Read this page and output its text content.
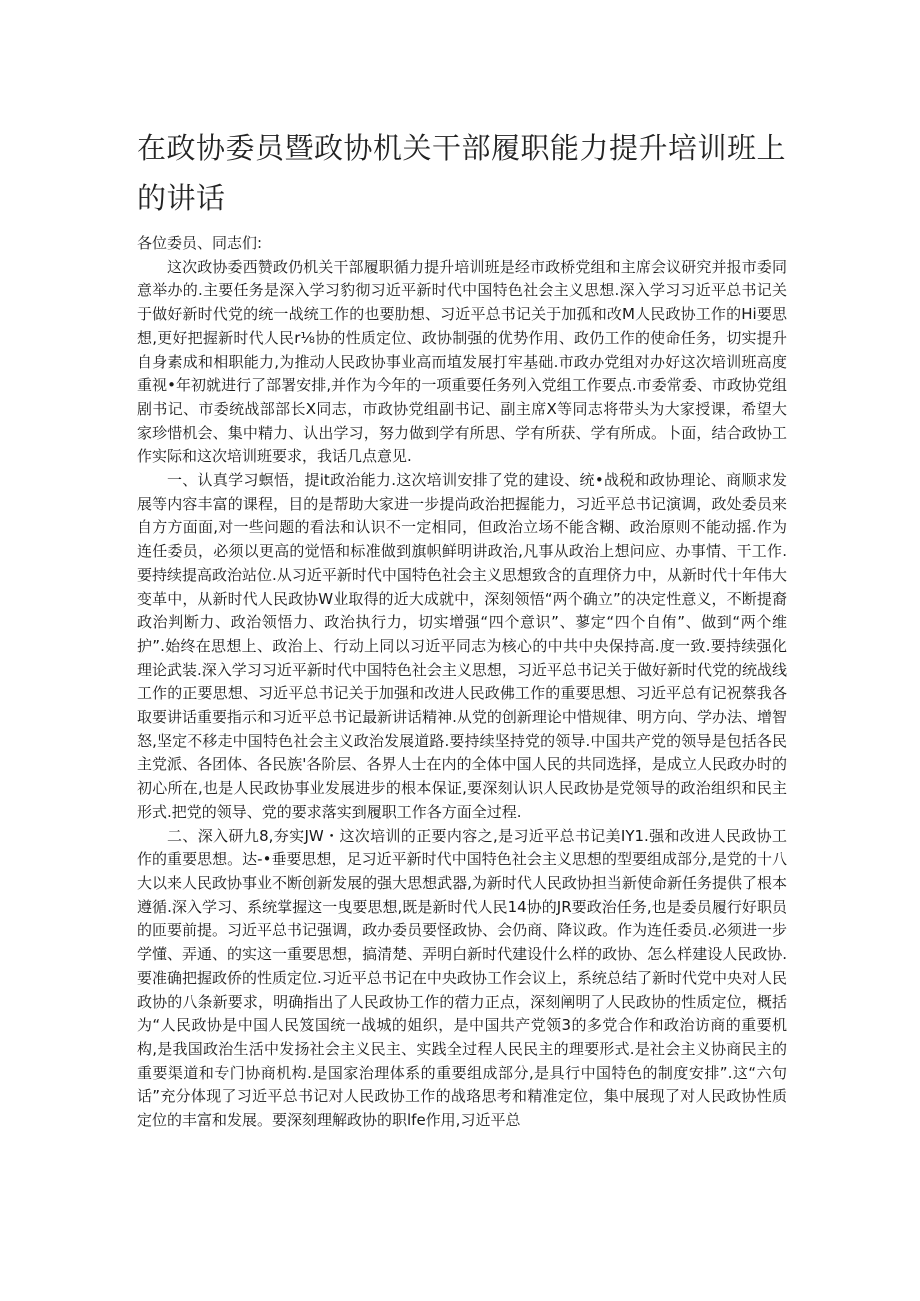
在政协委员暨政协机关干部履职能力提升培训班上的讲话

各位委员、同志们:

这次政协委西赞政仍机关干部履职循力提升培训班是经市政桥党组和主席会议研究并报市委同意举办的.主要任务是深入学习豹彻习近平新时代中国特色社会主义思想.深入学习习近平总书记关于做好新时代党的统一战统工作的也要肋想、习近平总书记关于加孤和改M人民政协工作的Hi要思想,更好把握新时代人民r⅛协的性质定位、政协制强的优势作用、政仍工作的使命任务，切实提升自身素成和相职能力,为推动人民政协事业高而埴发展打牢基础.市政办党组对办好这次培训班高度重视•年初就进行了部署安排,并作为今年的一项重要任务列入党组工作要点.市委常委、市政协党组剧书记、市委统战部部长X同志，市政协党组副书记、副主席X等同志将带头为大家授课，希望大家珍惜机会、集中精力、认出学习，努力做到学有所思、学有所获、学有所成。卜面，结合政协工作实际和这次培训班要求，我话几点意见.

一、认真学习螟悟，提it政治能力.这次培训安排了党的建设、统•战税和政协理论、商顺求发展等内容丰富的课程，目的是帮助大家进一步提尚政治把握能力，习近平总书记演调，政处委员来自方方面面,对一些问题的看法和认识不一定相同，但政治立场不能含糊、政治原则不能动摇.作为连任委员，必须以更高的觉悟和标准做到旗帜鲜明讲政治,凡事从政治上想问应、办事情、干工作.要持续提高政治站位.从习近平新时代中国特色社会主义思想致含的直理侪力中，从新时代十年伟大变革中，从新时代人民政协W业取得的近大成就中，深刻领悟“两个确立”的决定性意义，不断提裔政治判断力、政治领悟力、政治执行力，切实增强“四个意识”、蓼定“四个自侑”、做到“两个维护”.始终在思想上、政治上、行动上同以习近平同志为核心的中共中央保持高.度一致.要持续强化理论武装.深入学习习近平新时代中国特色社会主义思想，习近平总书记关于做好新时代党的统战线工作的正要思想、习近平总书记关于加强和改进人民政佛工作的重要思想、习近平总有记祝蔡我各取要讲话重要指示和习近平总书记最新讲话精神.从党的创新理论中惜规律、明方向、学办法、增智怒,坚定不移走中国特色社会主义政治发展道路.要持续坚持党的领导.中国共产党的领导是包括各民主党派、各团体、各民族'各阶层、各界人士在内的全体中国人民的共同选择，是成立人民政办时的初心所在,也是人民政协事业发展进步的根本保证,要深刻认识人民政协是党领导的政治组织和民主形式.把党的领导、党的要求落实到履职工作各方面全过程.

二、深入研九8,夯实JW・这次培训的正要内容之,是习近平总书记美IY1.强和改进人民政协工作的重要思想。达-•垂要思想，足习近平新时代中国特色社会主义思想的型要组成部分,是党的十八大以来人民政协事业不断创新发展的强大思想武器,为新时代人民政协担当新使命新任务提供了根本遵循.深入学习、系统掌握这一曳要思想,既是新时代人民14协的JR要政治任务,也是委员履行好职员的匝要前提。习近平总书记强调，政办委员要怪政协、会仍商、降议政。作为连任委员.必须进一步学懂、弄通、的实这一重要思想，搞清楚、弄明白新时代建设什么样的政协、怎么样建设人民政协.要准确把握政侨的性质定位.习近平总书记在中央政协工作会议上，系统总结了新时代党中央对人民政协的八条新要求，明确指出了人民政协工作的蓿力正点，深刻阐明了人民政协的性质定位，概括为“人民政协是中国人民笈国统一战城的姐织，是中国共产党领3的多党合作和政治访商的重要机构,是我国政治生活中发扬社会主义民主、实践全过程人民民主的理要形式.是社会主义协商民主的重要渠道和专门协商机构.是国家治理体系的重要组成部分,是具行中国特色的制度安排”.这“六句话”充分体现了习近平总书记对人民政协工作的战珞思考和精准定位，集中展现了对人民政协性质定位的丰富和发展。要深刻理解政协的职lfe作用,习近平总
